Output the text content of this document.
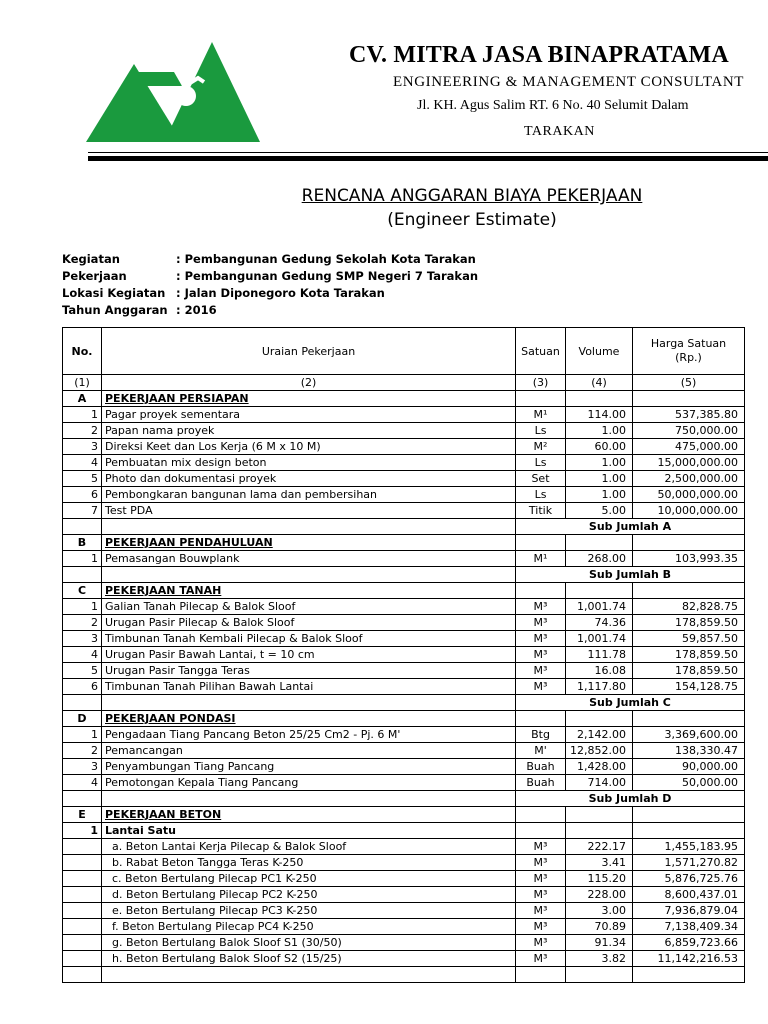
CV. MITRA JASA BINAPRATAMA
ENGINEERING & MANAGEMENT CONSULTANT
Jl. KH. Agus Salim RT. 6 No. 40 Selumit Dalam
TARAKAN
RENCANA ANGGARAN BIAYA PEKERJAAN
(Engineer Estimate)
Kegiatan	: Pembangunan Gedung Sekolah Kota Tarakan
Pekerjaan	: Pembangunan Gedung SMP Negeri 7 Tarakan
Lokasi Kegiatan : Jalan Diponegoro Kota Tarakan
Tahun Anggaran : 2016
No.	Uraian Pekerjaan	Satuan	Volume	Harga Satuan
(Rp.)
(1)	(2)	(3)	(4)	(5)
A	PEKERJAAN PERSIAPAN			
1	Pagar proyek sementara	M¹	114.00	537,385.80
2	Papan nama proyek	Ls	1.00	750,000.00
3	Direksi Keet dan Los Kerja (6 M x 10 M)	M²	60.00	475,000.00
4	Pembuatan mix design beton	Ls	1.00	15,000,000.00
5	Photo dan dokumentasi proyek	Set	1.00	2,500,000.00
6	Pembongkaran bangunan lama dan pembersihan	Ls	1.00	50,000,000.00
7	Test PDA	Titik	5.00	10,000,000.00
		Sub Jumlah A		
B	PEKERJAAN PENDAHULUAN			
1	Pemasangan Bouwplank	M¹	268.00	103,993.35
		Sub Jumlah B		
C	PEKERJAAN TANAH			
1	Galian Tanah Pilecap & Balok Sloof	M³	1,001.74	82,828.75
2	Urugan Pasir Pilecap & Balok Sloof	M³	74.36	178,859.50
3	Timbunan Tanah Kembali Pilecap & Balok Sloof	M³	1,001.74	59,857.50
4	Urugan Pasir Bawah Lantai, t = 10 cm	M³	111.78	178,859.50
5	Urugan Pasir Tangga Teras	M³	16.08	178,859.50
6	Timbunan Tanah Pilihan Bawah Lantai	M³	1,117.80	154,128.75
		Sub Jumlah C		
D	PEKERJAAN PONDASI			
1	Pengadaan Tiang Pancang Beton 25/25 Cm2 - Pj. 6 M'	Btg	2,142.00	3,369,600.00
2	Pemancangan	M'	12,852.00	138,330.47
3	Penyambungan Tiang Pancang	Buah	1,428.00	90,000.00
4	Pemotongan Kepala Tiang Pancang	Buah	714.00	50,000.00
		Sub Jumlah D		
E	PEKERJAAN BETON			
1	Lantai Satu			
	a. Beton Lantai Kerja Pilecap & Balok Sloof	M³	222.17	1,455,183.95
	b. Rabat Beton Tangga Teras K-250	M³	3.41	1,571,270.82
	c. Beton Bertulang Pilecap PC1 K-250	M³	115.20	5,876,725.76
	d. Beton Bertulang Pilecap PC2 K-250	M³	228.00	8,600,437.01
	e. Beton Bertulang Pilecap PC3 K-250	M³	3.00	7,936,879.04
	f. Beton Bertulang Pilecap PC4 K-250	M³	70.89	7,138,409.34
	g. Beton Bertulang Balok Sloof S1 (30/50)	M³	91.34	6,859,723.66
	h. Beton Bertulang Balok Sloof S2 (15/25)	M³	3.82	11,142,216.53
